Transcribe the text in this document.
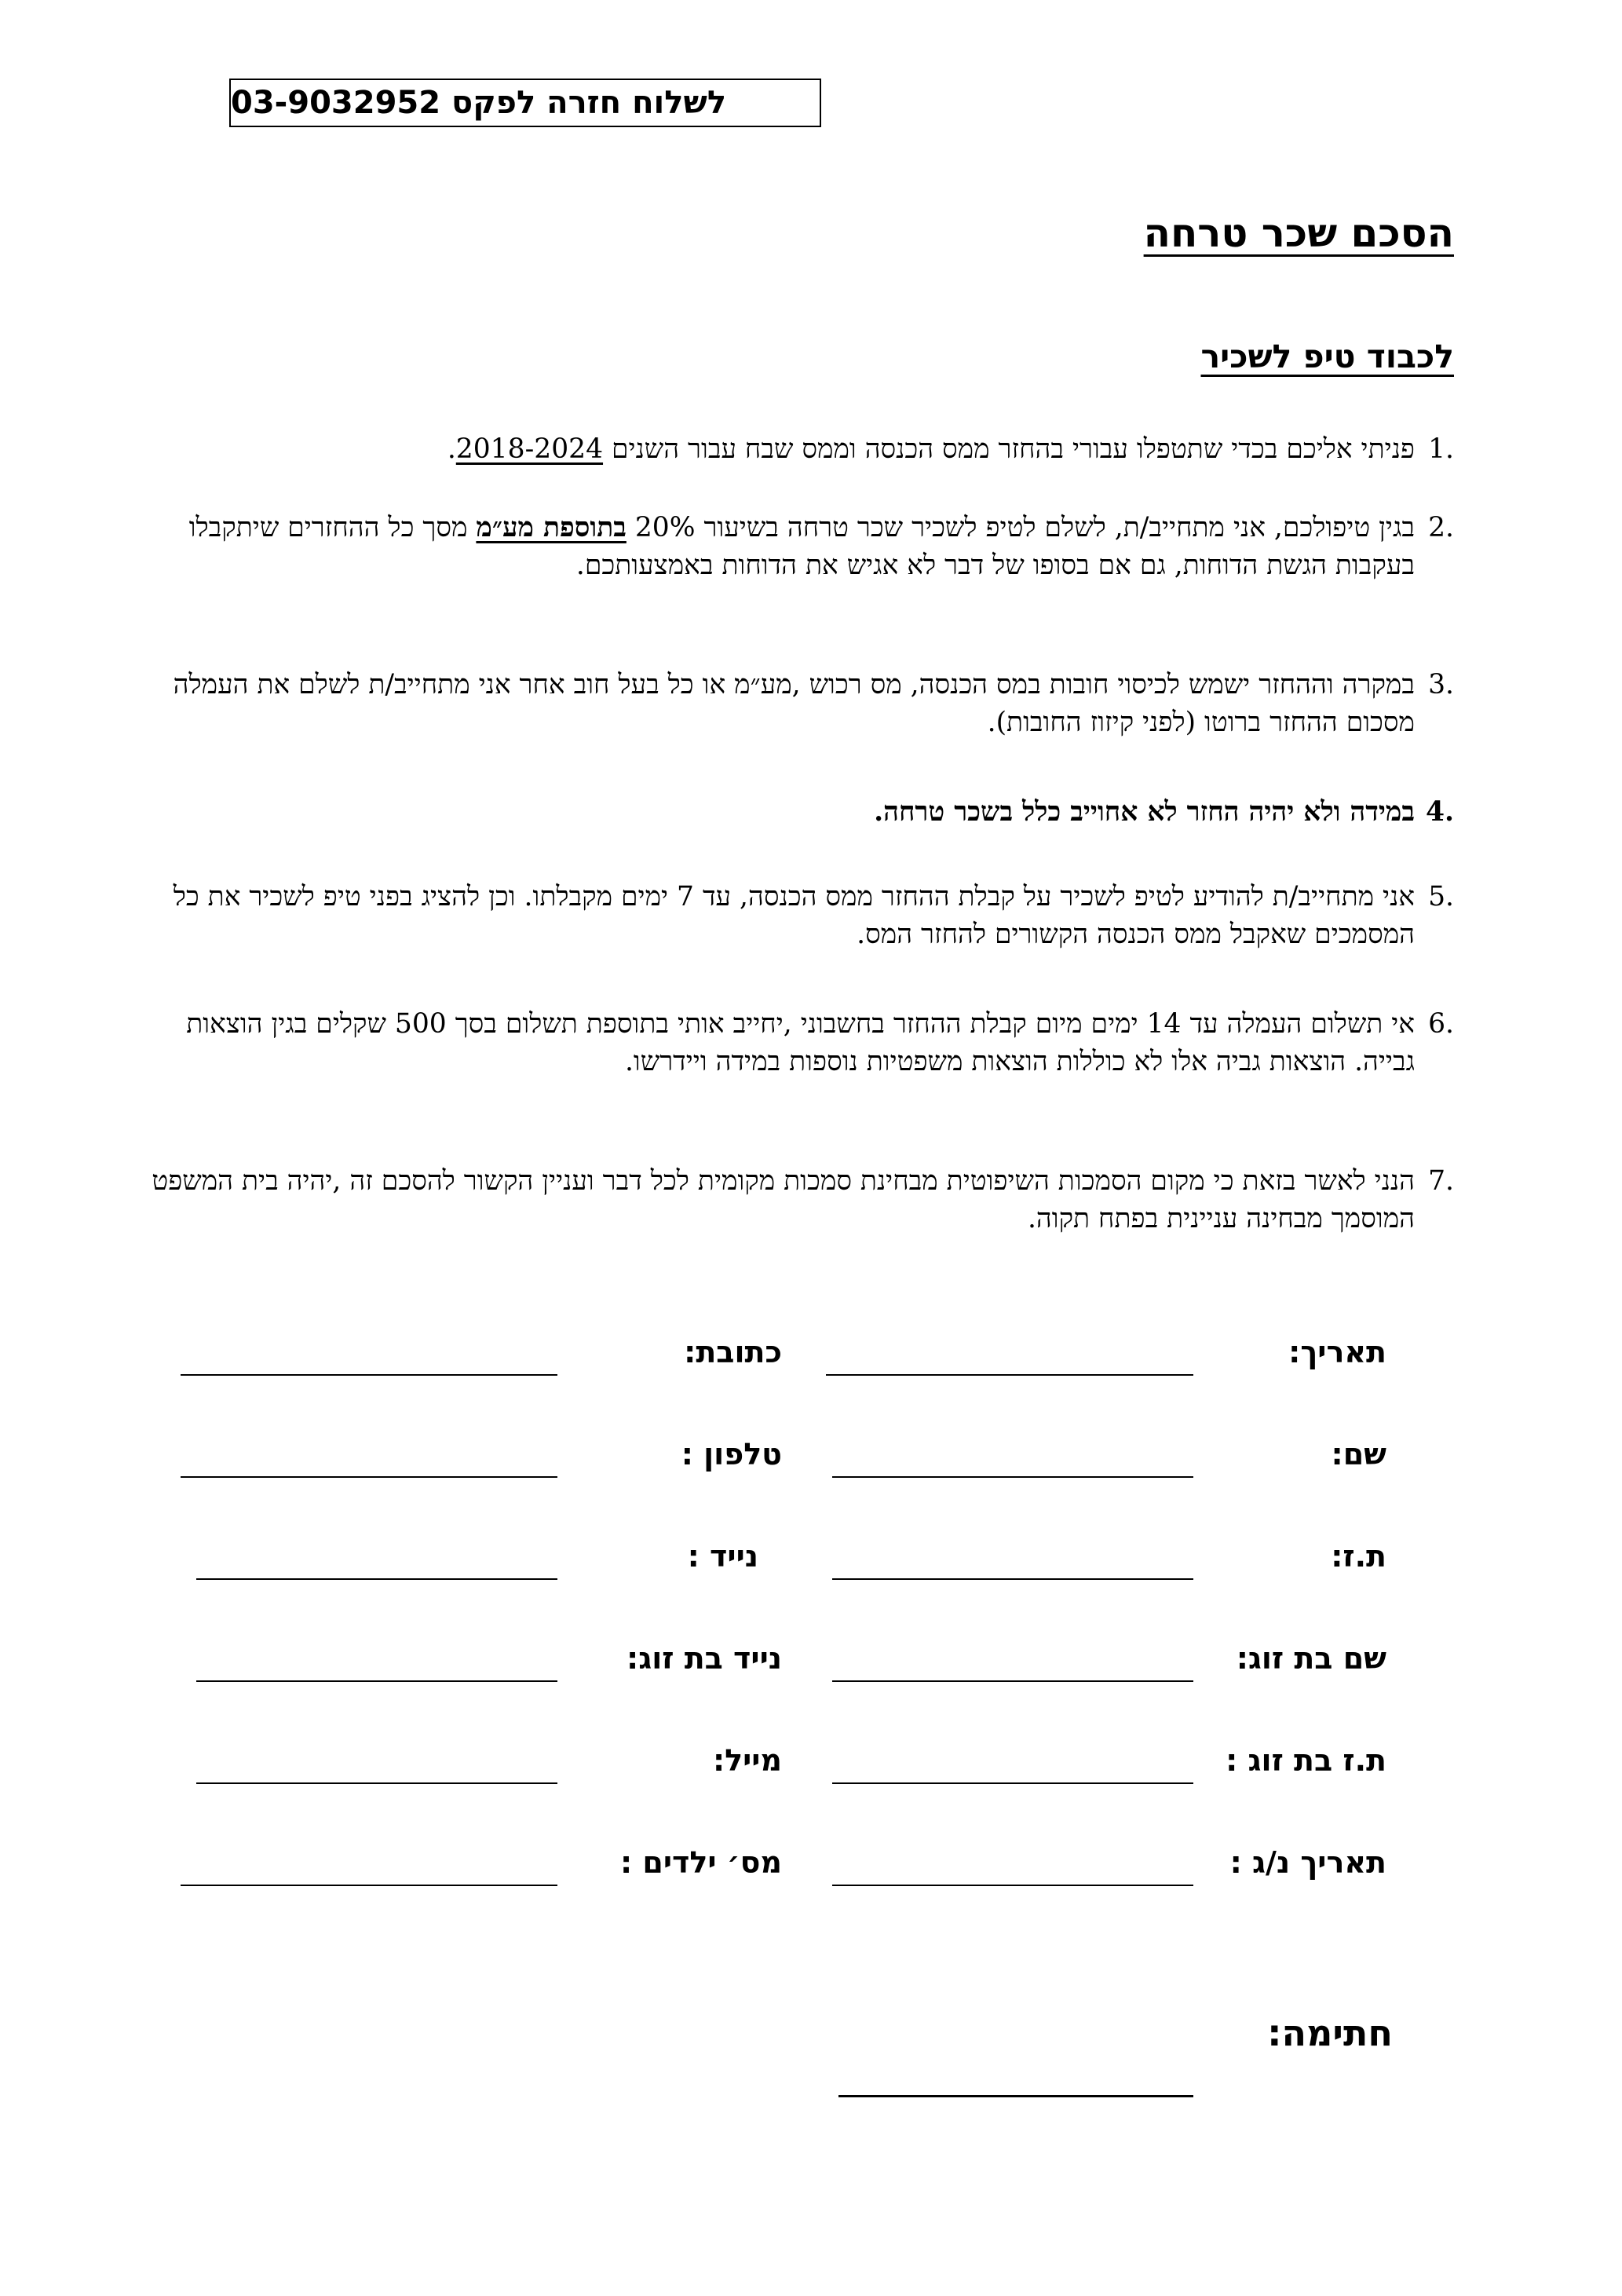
לשלוח חזרה לפקס 03-9032952
הסכם שכר טרחה
לכבוד טיפ לשכיר
.1
פניתי אליכם בכדי שתטפלו עבורי בהחזר ממס הכנסה וממס שבח עבור השנים 2018-2024.
.2
בגין טיפולכם, אני מתחייב/ת, לשלם לטיפ לשכיר שכר טרחה בשיעור 20% בתוספת מע״מ מסך כל ההחזרים שיתקבלו בעקבות הגשת הדוחות, גם אם בסופו של דבר לא אגיש את הדוחות באמצעותכם.
.3
במקרה וההחזר ישמש לכיסוי חובות במס הכנסה, מס רכוש ,מע״מ או כל בעל חוב אחר אני מתחייב/ת לשלם את העמלה מסכום ההחזר ברוטו (לפני קיזוז החובות).
.4
במידה ולא יהיה החזר לא אחוייב כלל בשכר טרחה.
.5
אני מתחייב/ת להודיע לטיפ לשכיר על קבלת ההחזר ממס הכנסה, עד 7 ימים מקבלתו. וכן להציג בפני טיפ לשכיר את כל המסמכים שאקבל ממס הכנסה הקשורים להחזר המס.
.6
אי תשלום העמלה עד 14 ימים מיום קבלת ההחזר בחשבוני ,יחייב אותי בתוספת תשלום בסך 500 שקלים בגין הוצאות גבייה. הוצאות גביה אלו לא כוללות הוצאות משפטיות נוספות במידה ויידרשו.
.7
הנני לאשר בזאת כי מקום הסמכות השיפוטית מבחינת סמכות מקומית לכל דבר ועניין הקשור להסכם זה ,יהיה בית המשפט המוסמך מבחינה עניינית בפתח תקוה.
תאריך:
כתובת:
שם:
טלפון :
ת.ז:
נייד :
שם בת זוג:
נייד בת זוג:
ת.ז בת זוג :
מייל:
תאריך נ/ג :
מס׳ ילדים :
חתימה:
